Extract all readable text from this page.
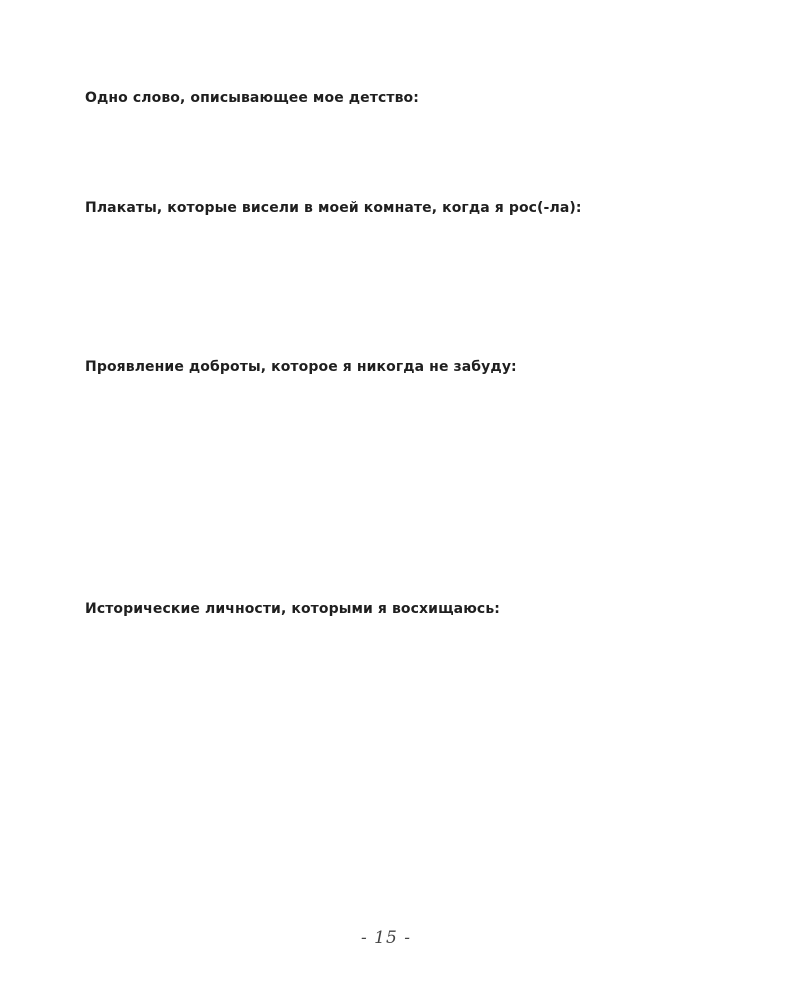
Одно слово, описывающее мое детство:

Плакаты, которые висели в моей комнате, когда я рос(-ла):

Проявление доброты, которое я никогда не забуду:

Исторические личности, которыми я восхищаюсь:

- 15 -
